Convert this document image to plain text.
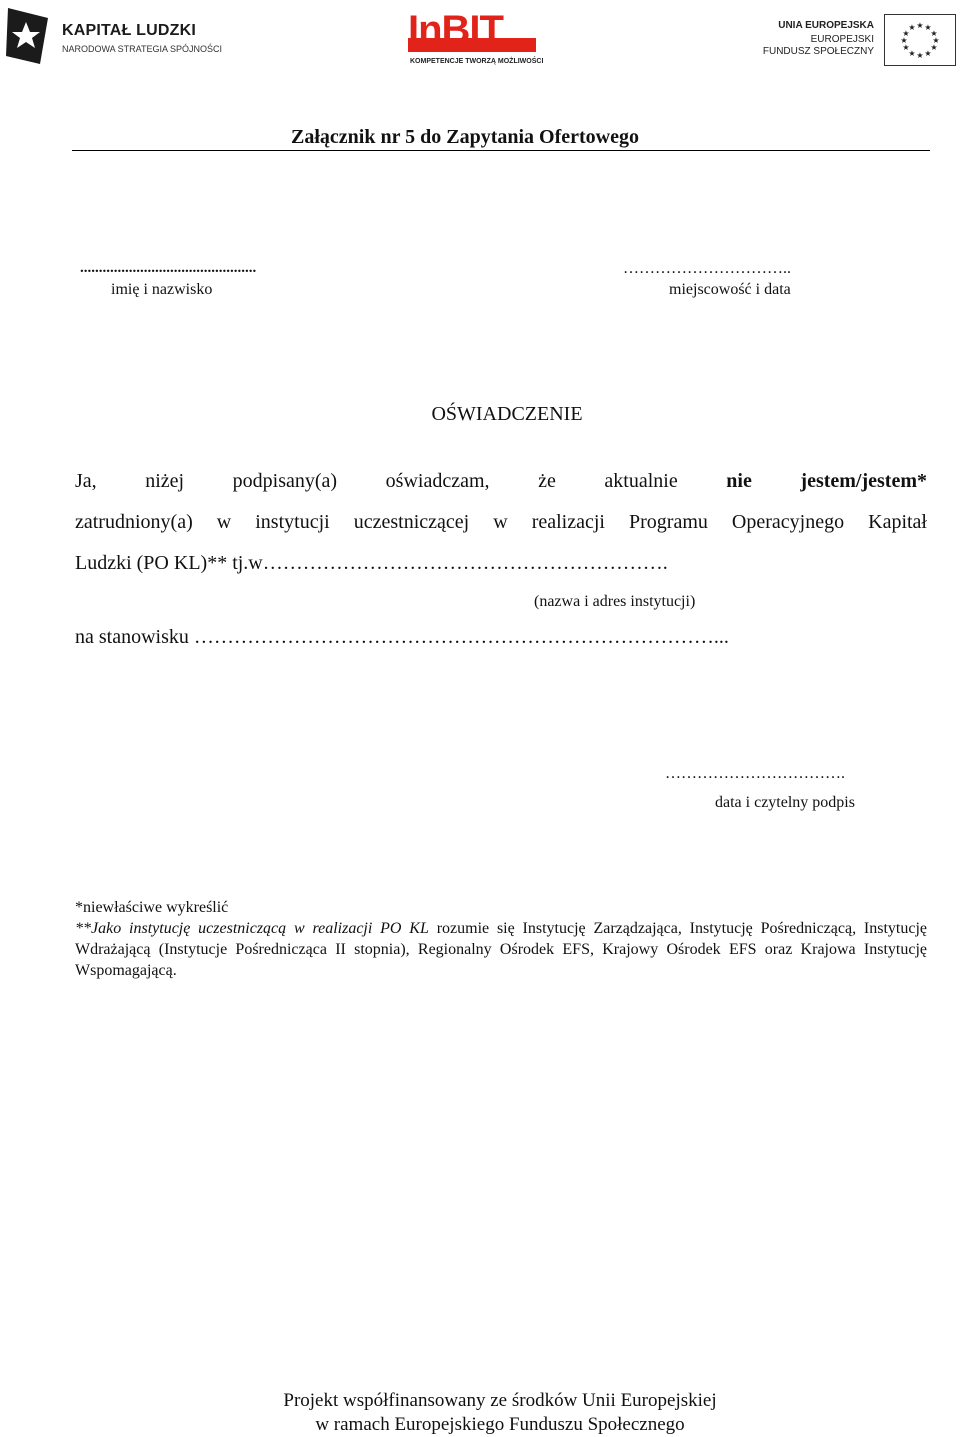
KAPITAŁ LUDZKI
NARODOWA STRATEGIA SPÓJNOŚCI	InBIT
KOMPETENCJE TWORZĄ MOŻLIWOŚCI
UNIA EUROPEJSKA
EUROPEJSKI
FUNDUSZ SPOŁECZNY
★ ★
★
★
★
★
★
★
★
★
★
★
Załącznik nr 5 do Zapytania Ofertowego
...............................................
imię i nazwisko
…………………………..
miejscowość i data
OŚWIADCZENIE
Ja, niżej podpisany(a) oświadczam, że aktualnie nie jestem/jestem*
zatrudniony(a) w instytucji uczestniczącej w realizacji Programu Operacyjnego Kapitał
Ludzki (PO KL)** tj.w…………………………………………………….
(nazwa i adres instytucji)
na stanowisku ……………………………………………………………………...
…………………………….
data i czytelny podpis
*niewłaściwe wykreślić
**Jako instytucję uczestniczącą w realizacji PO KL rozumie się Instytucję Zarządzająca, Instytucję Pośredniczącą, Instytucję Wdrażającą (Instytucje Pośrednicząca II stopnia), Regionalny Ośrodek EFS, Krajowy Ośrodek EFS oraz Krajowa Instytucję Wspomagającą.
Projekt współfinansowany ze środków Unii Europejskiej
w ramach Europejskiego Funduszu Społecznego
